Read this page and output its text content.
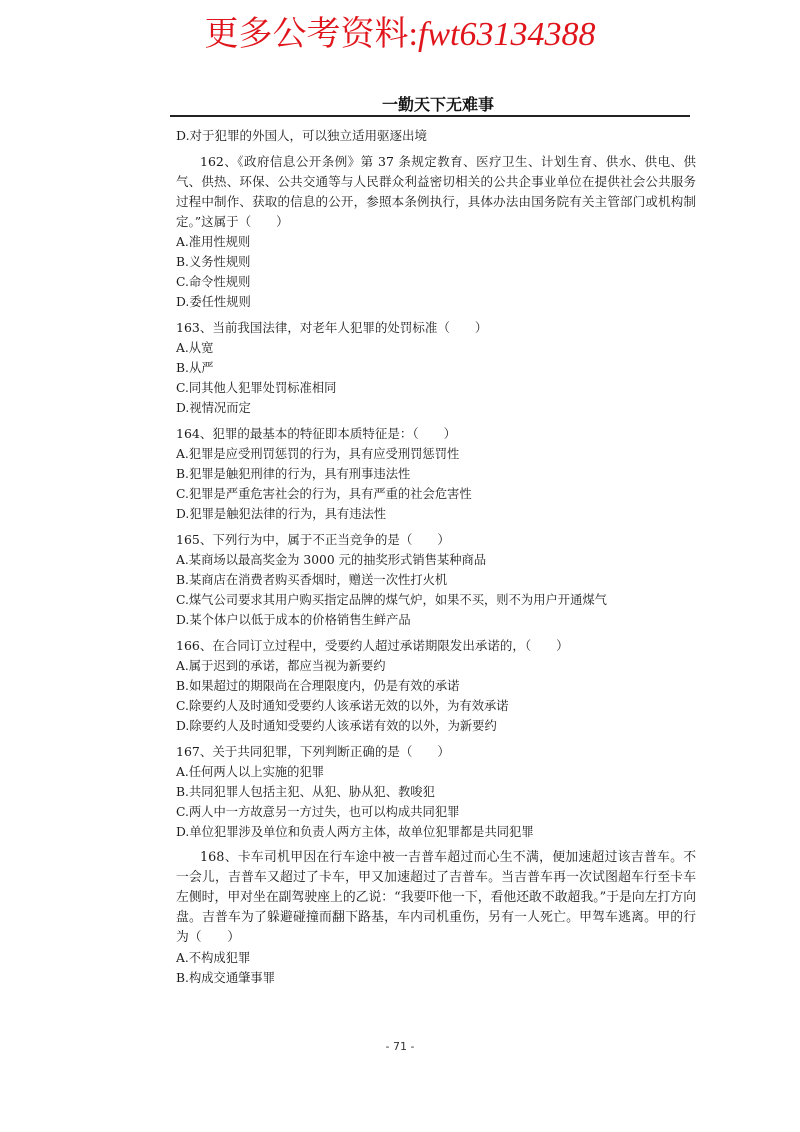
更多公考资料:fwt63134388
一勤天下无难事

D.对于犯罪的外国人，可以独立适用驱逐出境

162、《政府信息公开条例》第 37 条规定教育、医疗卫生、计划生育、供水、供电、供气、供热、环保、公共交通等与人民群众利益密切相关的公共企事业单位在提供社会公共服务过程中制作、获取的信息的公开，参照本条例执行，具体办法由国务院有关主管部门或机构制定。”这属于（　　）

A.准用性规则

B.义务性规则

C.命令性规则

D.委任性规则

163、当前我国法律，对老年人犯罪的处罚标准（　　）

A.从宽

B.从严

C.同其他人犯罪处罚标准相同

D.视情况而定

164、犯罪的最基本的特征即本质特征是：（　　）

A.犯罪是应受刑罚惩罚的行为，具有应受刑罚惩罚性

B.犯罪是触犯刑律的行为，具有刑事违法性

C.犯罪是严重危害社会的行为，具有严重的社会危害性

D.犯罪是触犯法律的行为，具有违法性

165、下列行为中，属于不正当竞争的是（　　）

A.某商场以最高奖金为 3000 元的抽奖形式销售某种商品

B.某商店在消费者购买香烟时，赠送一次性打火机

C.煤气公司要求其用户购买指定品牌的煤气炉，如果不买，则不为用户开通煤气

D.某个体户以低于成本的价格销售生鲜产品

166、在合同订立过程中，受要约人超过承诺期限发出承诺的，（　　）

A.属于迟到的承诺，都应当视为新要约

B.如果超过的期限尚在合理限度内，仍是有效的承诺

C.除要约人及时通知受要约人该承诺无效的以外，为有效承诺

D.除要约人及时通知受要约人该承诺有效的以外，为新要约

167、关于共同犯罪，下列判断正确的是（　　）

A.任何两人以上实施的犯罪

B.共同犯罪人包括主犯、从犯、胁从犯、教唆犯

C.两人中一方故意另一方过失，也可以构成共同犯罪

D.单位犯罪涉及单位和负责人两方主体，故单位犯罪都是共同犯罪

168、卡车司机甲因在行车途中被一吉普车超过而心生不满，便加速超过该吉普车。不一会儿，吉普车又超过了卡车，甲又加速超过了吉普车。当吉普车再一次试图超车行至卡车左侧时，甲对坐在副驾驶座上的乙说：“我要吓他一下，看他还敢不敢超我。”于是向左打方向盘。吉普车为了躲避碰撞而翻下路基，车内司机重伤，另有一人死亡。甲驾车逃离。甲的行为（　　）

A.不构成犯罪

B.构成交通肇事罪

- 71 -
